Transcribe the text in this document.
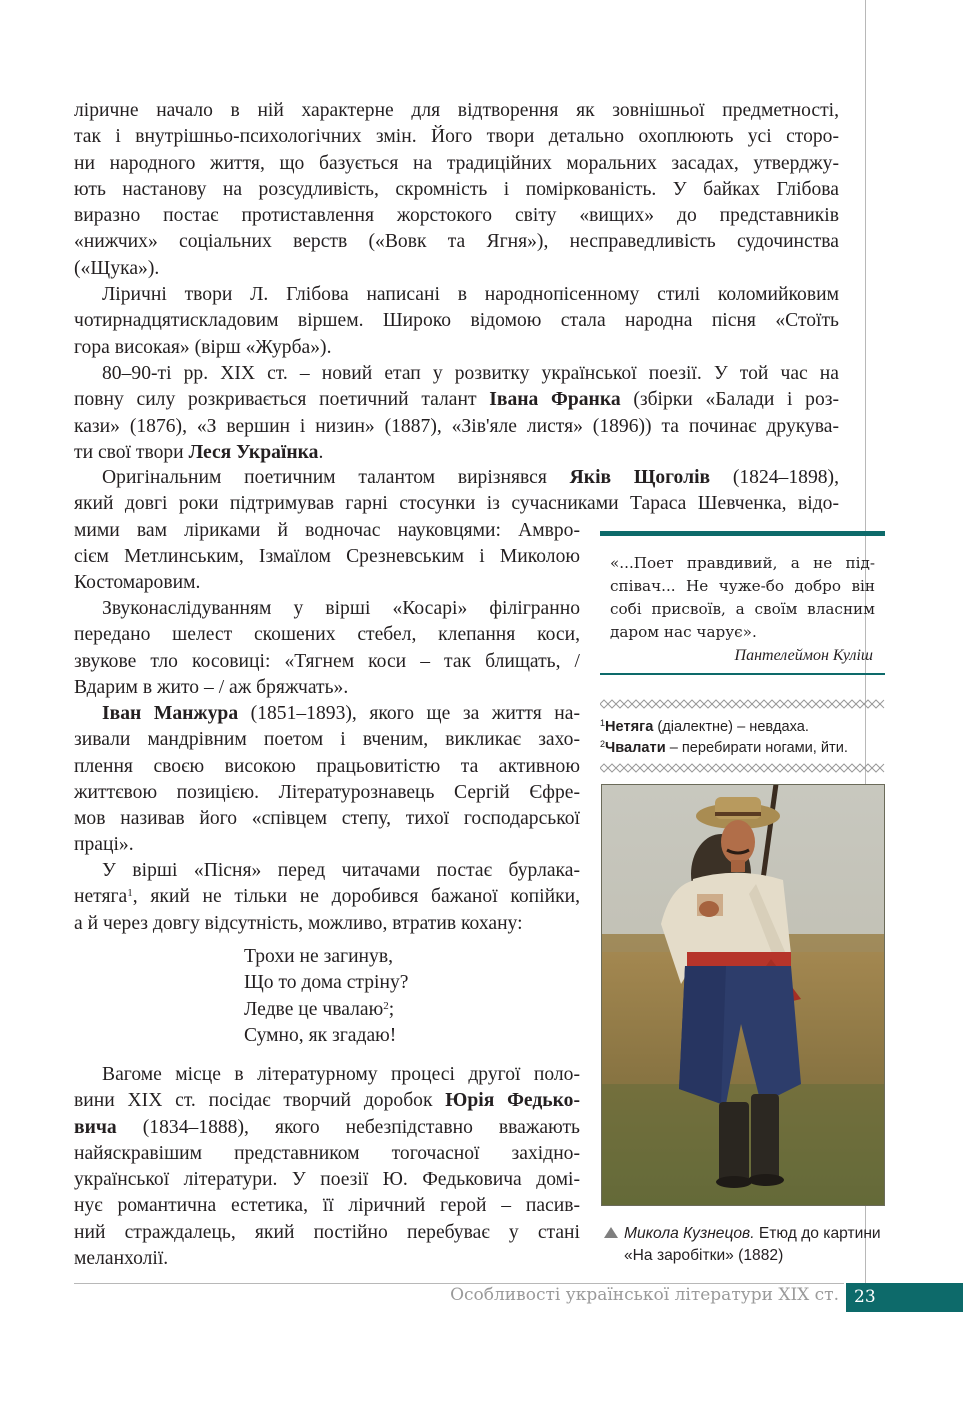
ліричне начало в ній характерне для відтворення як зовнішньої предметності,
так і внутрішньо-психологічних змін. Його твори детально охоплюють усі сторо-
ни народного життя, що базується на традиційних моральних засадах, утверджу-
ють настанову на розсудливість, скромність і поміркованість. У байках Глібова
виразно постає протиставлення жорстокого світу «вищих» до представників
«нижчих» соціальних верств («Вовк та Ягня»), несправедливість судочинства
(«Щука»).

Ліричні твори Л. Глібова написані в народнопісенному стилі коломийковим
чотирнадцятискладовим віршем. Широко відомою стала народна пісня «Стоїть
гора високая» (вірш «Журба»).

80–90-ті рр. XIX ст. – новий етап у розвитку української поезії. У той час на
повну силу розкривається поетичний талант Івана Франка (збірки «Балади і роз-
кази» (1876), «З вершин і низин» (1887), «Зів'яле листя» (1896)) та починає друкува-
ти свої твори Леся Українка.

Оригінальним поетичним талантом вирізнявся Яків Щоголів (1824–1898),
який довгі роки підтримував гарні стосунки із сучасниками Тараса Шевченка, відо-
мими вам ліриками й водночас науковцями: Амвро-
сієм Метлинським, Ізмаїлом Срезневським і Миколою
Костомаровим.

Звуконаслідуванням у вірші «Косарі» філігранно
передано шелест скошених стебел, клепання коси,
звукове тло косовиці: «Тягнем коси – так блищать, /
Вдарим в жито – / аж бряжчать».

Іван Манжура (1851–1893), якого ще за життя на-
зивали мандрівним поетом і вченим, викликає захо-
плення своєю високою працьовитістю та активною
життєвою позицією. Літературознавець Сергій Єфре-
мов називав його «співцем степу, тихої господарської
праці».

У вірші «Пісня» перед читачами постає бурлака-
нетяга$^1$, який не тільки не доробився бажаної копійки,
а й через довгу відсутність, можливо, втратив кохану:

Трохи не загинув,
Що то дома стріну?
Ледве це чвалаю$^2$;
Сумно, як згадаю!

Вагоме місце в літературному процесі другої поло-
вини XIX ст. посідає творчий доробок Юрія Федько-
вича (1834–1888), якого небезпідставно вважають
найяскравішим представником тогочасної західно-
української літератури. У поезії Ю. Федьковича домі-
нує романтична естетика, її ліричний герой – пасив-
ний страждалець, який постійно перебуває у стані
меланхолії.

«...Поет правдивий, а не під-
співач... Не чуже-бо добро він
собі присвоїв, а своїм власним
даром нас чарує».
Пантелеймон Куліш
$^1$Нетяга (діалектне) – невдаха.
$^2$Чвалати – перебирати ногами, йти.
Микола Кузнецов. Етюд до картини
«На заробітки» (1882)
Особливості української літератури XIX ст. 23
